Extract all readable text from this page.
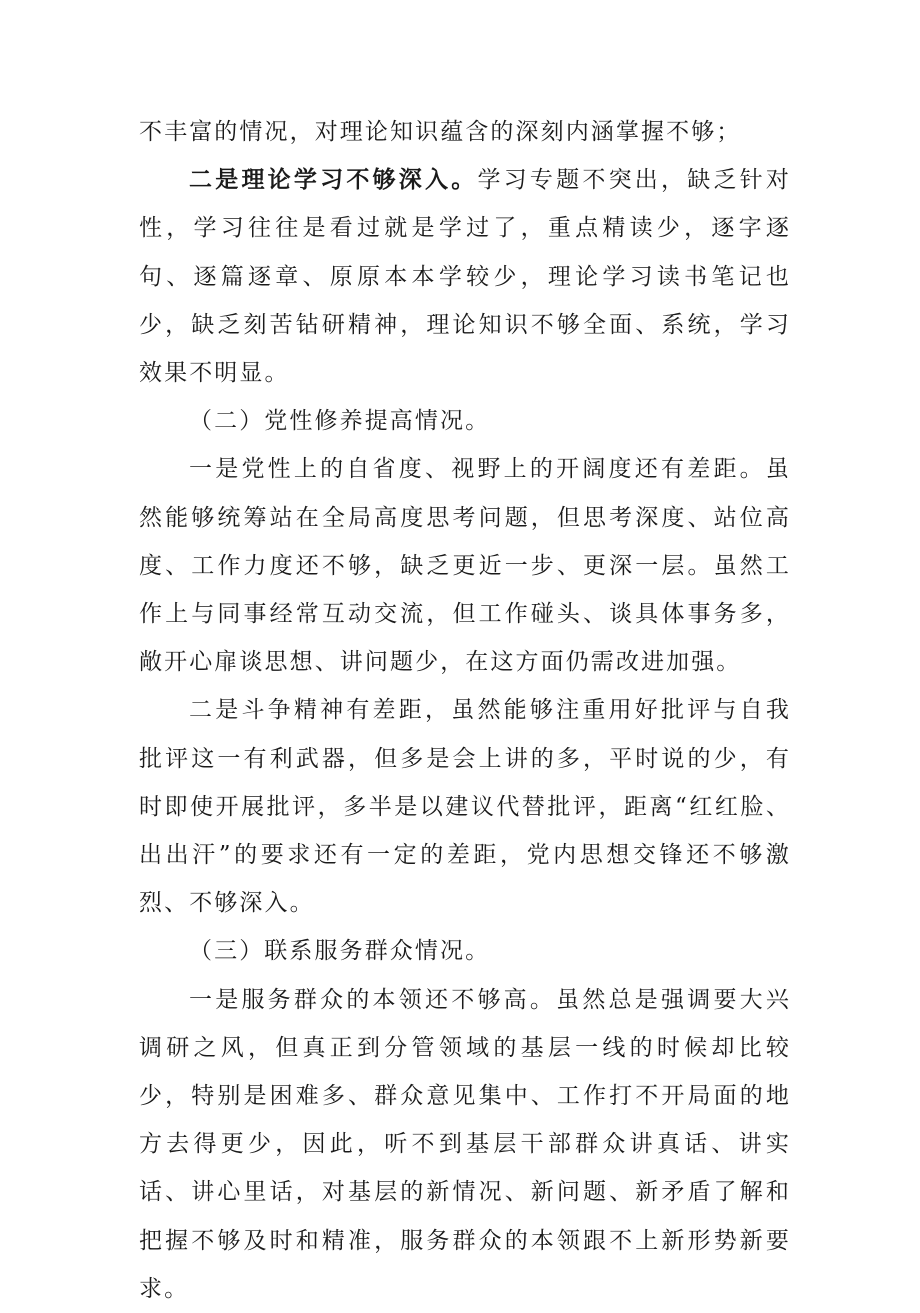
不丰富的情况，对理论知识蕴含的深刻内涵掌握不够；

二是理论学习不够深入。学习专题不突出，缺乏针对性，学习往往是看过就是学过了，重点精读少，逐字逐句、逐篇逐章、原原本本学较少，理论学习读书笔记也少，缺乏刻苦钻研精神，理论知识不够全面、系统，学习效果不明显。

（二）党性修养提高情况。

一是党性上的自省度、视野上的开阔度还有差距。虽然能够统筹站在全局高度思考问题，但思考深度、站位高度、工作力度还不够，缺乏更近一步、更深一层。虽然工作上与同事经常互动交流，但工作碰头、谈具体事务多，敞开心扉谈思想、讲问题少，在这方面仍需改进加强。

二是斗争精神有差距，虽然能够注重用好批评与自我批评这一有利武器，但多是会上讲的多，平时说的少，有时即使开展批评，多半是以建议代替批评，距离“红红脸、出出汗”的要求还有一定的差距，党内思想交锋还不够激烈、不够深入。

（三）联系服务群众情况。

一是服务群众的本领还不够高。虽然总是强调要大兴调研之风，但真正到分管领域的基层一线的时候却比较少，特别是困难多、群众意见集中、工作打不开局面的地方去得更少，因此，听不到基层干部群众讲真话、讲实话、讲心里话，对基层的新情况、新问题、新矛盾了解和把握不够及时和精准，服务群众的本领跟不上新形势新要求。
